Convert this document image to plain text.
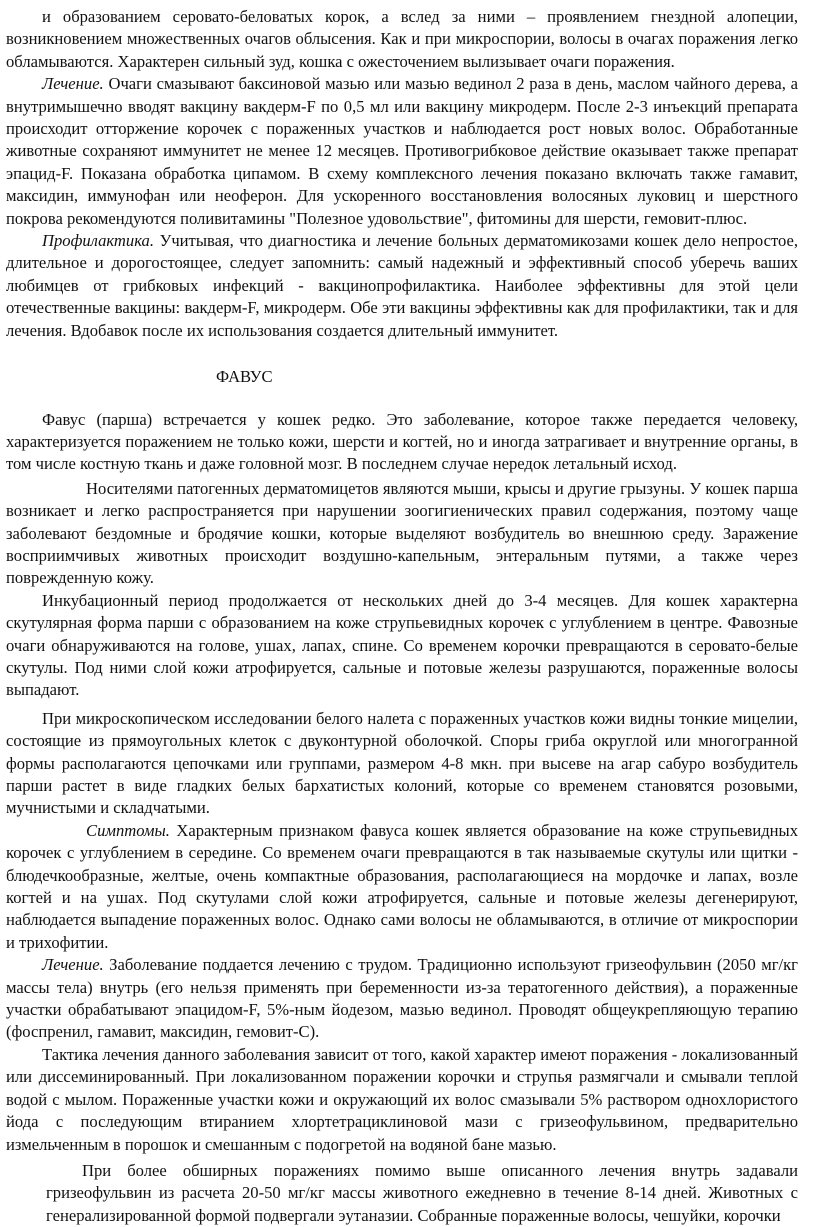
и образованием серовато-беловатых корок, а вслед за ними – проявлением гнездной алопеции, возникновением множественных очагов облысения. Как и при микроспории, волосы в очагах поражения легко обламываются. Характерен сильный зуд, кошка с ожесточением вылизывает очаги поражения.

Лечение. Очаги смазывают баксиновой мазью или мазью вединол 2 раза в день, маслом чайного дерева, а внутримышечно вводят вакцину вакдерм-F по 0,5 мл или вакцину микродерм. После 2-3 инъекций препарата происходит отторжение корочек с пораженных участков и наблюдается рост новых волос. Обработанные животные сохраняют иммунитет не менее 12 месяцев. Противогрибковое действие оказывает также препарат эпацид-F. Показана обработка ципамом. В схему комплексного лечения показано включать также гамавит, максидин, иммунофан или неоферон. Для ускоренного восстановления волосяных луковиц и шерстного покрова рекомендуются поливитамины "Полезное удовольствие", фитомины для шерсти, гемовит-плюс.

Профилактика. Учитывая, что диагностика и лечение больных дерматомикозами кошек дело непростое, длительное и дорогостоящее, следует запомнить: самый надежный и эффективный способ уберечь ваших любимцев от грибковых инфекций - вакцинопрофилактика. Наиболее эффективны для этой цели отечественные вакцины: вакдерм-F, микродерм. Обе эти вакцины эффективны как для профилактики, так и для лечения. Вдобавок после их использования создается длительный иммунитет.

ФАВУС

Фавус (парша) встречается у кошек редко. Это заболевание, которое также передается человеку, характеризуется поражением не только кожи, шерсти и когтей, но и иногда затрагивает и внутренние органы, в том числе костную ткань и даже головной мозг. В последнем случае нередок летальный исход.

Носителями патогенных дерматомицетов являются мыши, крысы и другие грызуны. У кошек парша возникает и легко распространяется при нарушении зоогигиенических правил содержания, поэтому чаще заболевают бездомные и бродячие кошки, которые выделяют возбудитель во внешнюю среду. Заражение восприимчивых животных происходит воздушно-капельным, энтеральным путями, а также через поврежденную кожу.

Инкубационный период продолжается от нескольких дней до 3-4 месяцев. Для кошек характерна скутулярная форма парши с образованием на коже струпьевидных корочек с углублением в центре. Фавозные очаги обнаруживаются на голове, ушах, лапах, спине. Со временем корочки превращаются в серовато-белые скутулы. Под ними слой кожи атрофируется, сальные и потовые железы разрушаются, пораженные волосы выпадают.

При микроскопическом исследовании белого налета с пораженных участков кожи видны тонкие мицелии, состоящие из прямоугольных клеток с двуконтурной оболочкой. Споры гриба округлой или многогранной формы располагаются цепочками или группами, размером 4-8 мкн. при высеве на агар сабуро возбудитель парши растет в виде гладких белых бархатистых колоний, которые со временем становятся розовыми, мучнистыми и складчатыми.

Симптомы. Характерным признаком фавуса кошек является образование на коже струпьевидных корочек с углублением в середине. Со временем очаги превращаются в так называемые скутулы или щитки - блюдечкообразные, желтые, очень компактные образования, располагающиеся на мордочке и лапах, возле когтей и на ушах. Под скутулами слой кожи атрофируется, сальные и потовые железы дегенерируют, наблюдается выпадение пораженных волос. Однако сами волосы не обламываются, в отличие от микроспории и трихофитии.

Лечение. Заболевание поддается лечению с трудом. Традиционно используют гризеофульвин (2050 мг/кг массы тела) внутрь (его нельзя применять при беременности из-за тератогенного действия), а пораженные участки обрабатывают эпацидом-F, 5%-ным йодезом, мазью вединол. Проводят общеукрепляющую терапию (фоспренил, гамавит, максидин, гемовит-С).

Тактика лечения данного заболевания зависит от того, какой характер имеют поражения - локализованный или диссеминированный. При локализованном поражении корочки и струпья размягчали и смывали теплой водой с мылом. Пораженные участки кожи и окружающий их волос смазывали 5% раствором однохлористого йода с последующим втиранием хлортетрациклиновой мази с гризеофульвином, предварительно измельченным в порошок и смешанным с подогретой на водяной бане мазью.

При более обширных поражениях помимо выше описанного лечения внутрь задавали гризеофульвин из расчета 20-50 мг/кг массы животного ежедневно в течение 8-14 дней. Животных с генерализированной формой подвергали эутаназии. Собранные пораженные волосы, чешуйки, корочки
